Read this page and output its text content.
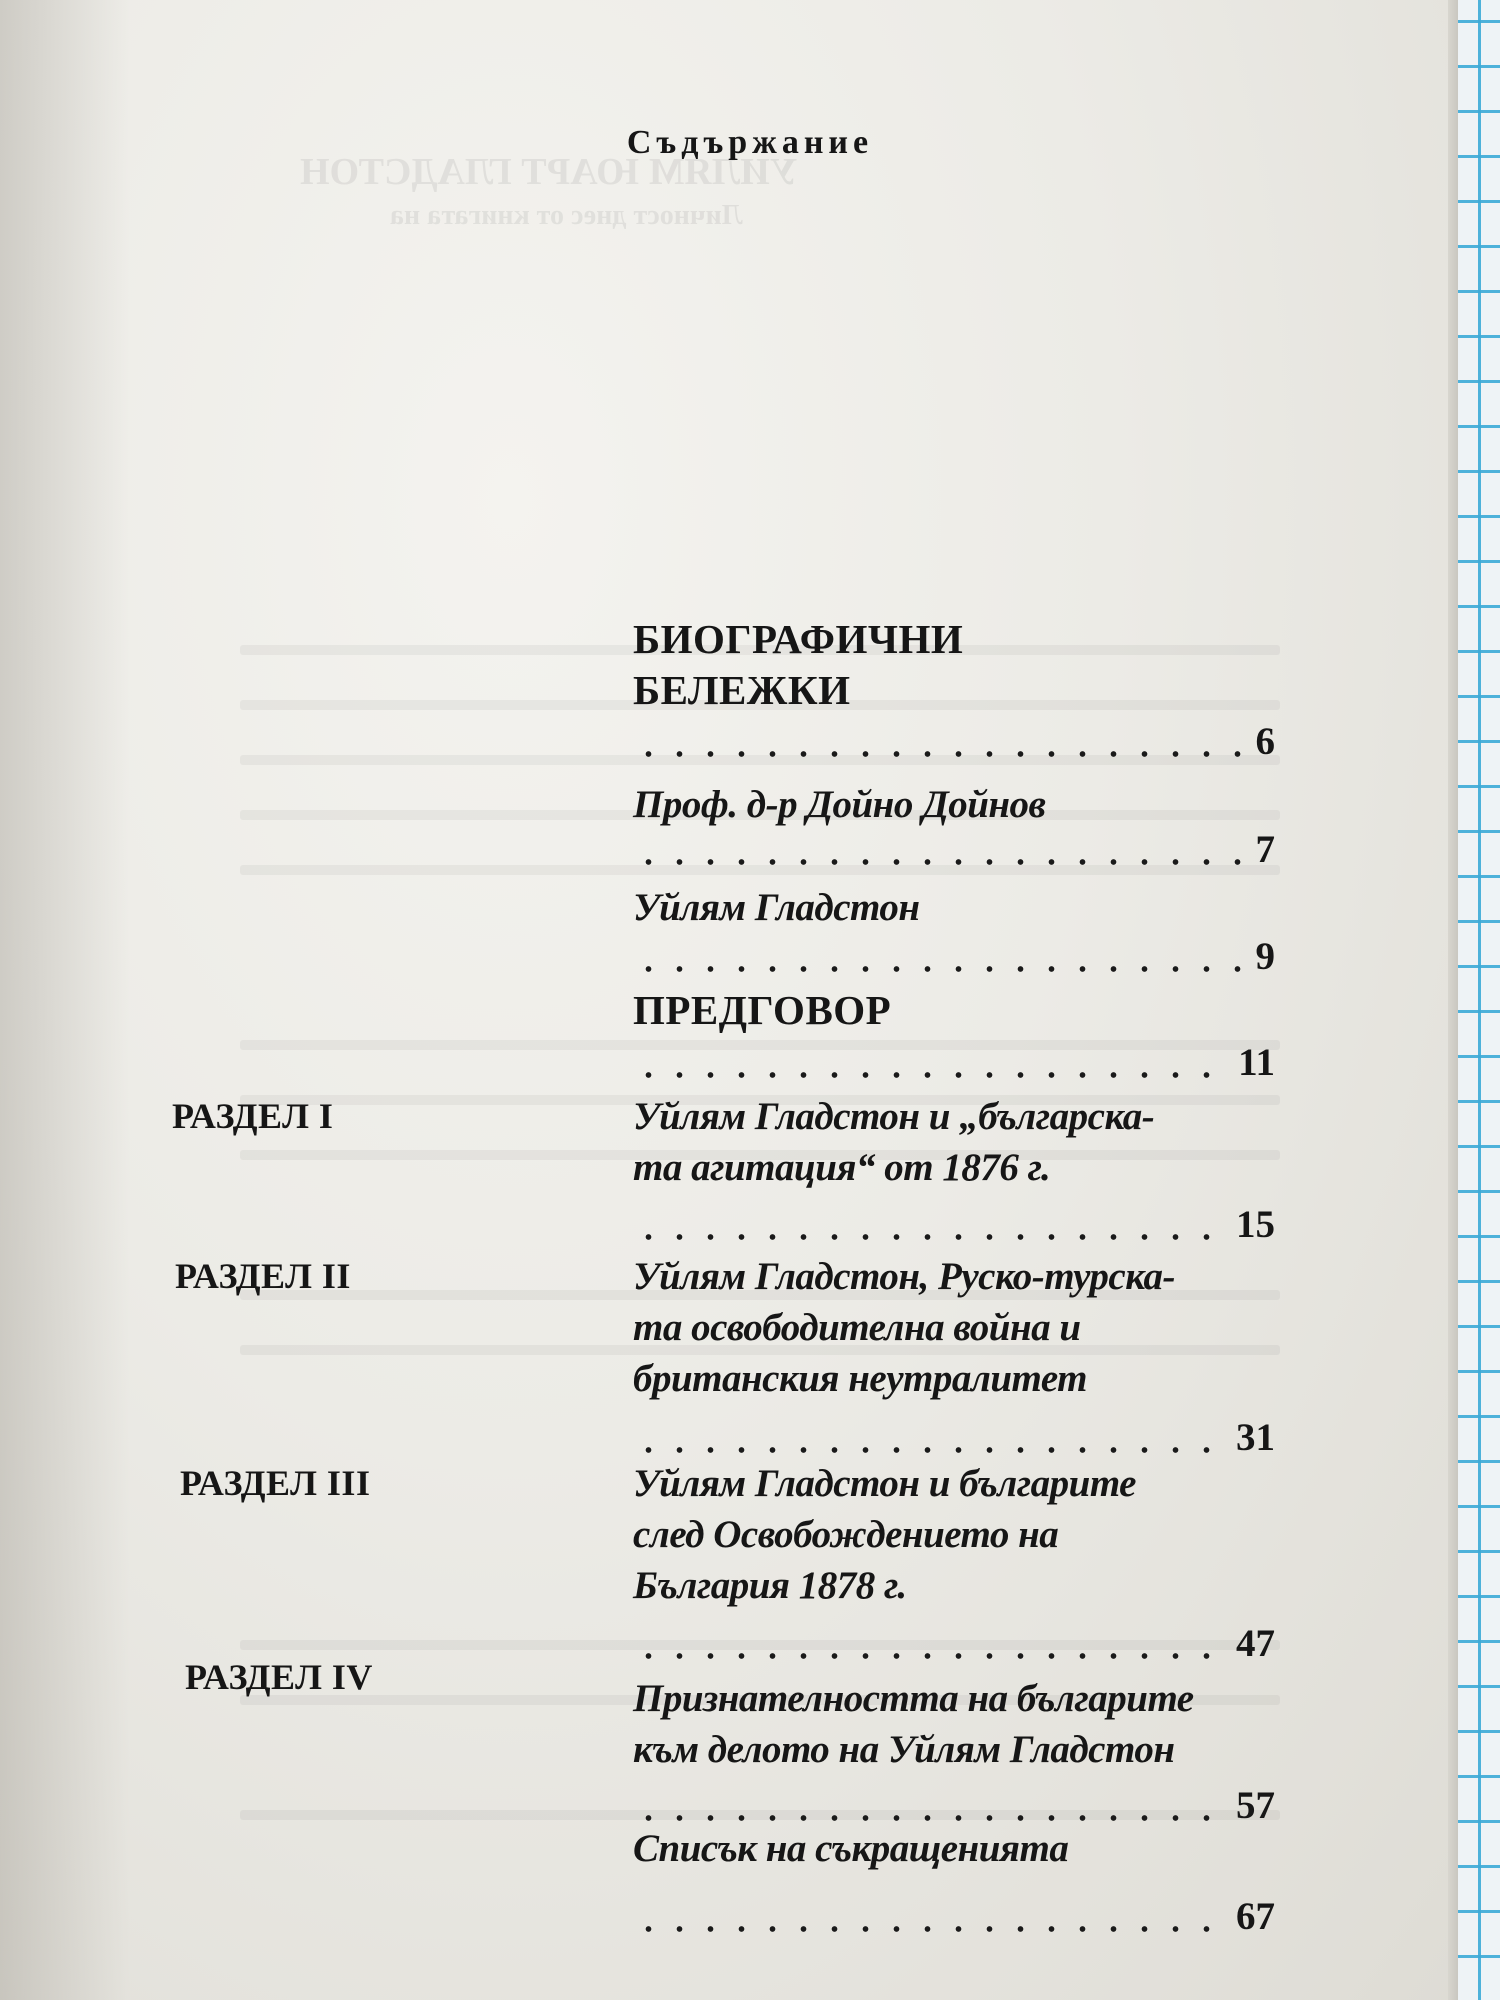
УИЛЯМ ЮАРТ ГЛАДСТОН
Личност днес от книгата на
Съдържание
БИОГРАФИЧНИ
БЕЛЕЖКИ
6
Проф. д-р Дойно Дойнов
7
Уйлям Гладстон
9
ПРЕДГОВОР
11
РАЗДЕЛ I	Уйлям Гладстон и „българска-
та агитация“ от 1876 г.
15
РАЗДЕЛ II	Уйлям Гладстон, Руско-турска-
та освободителна война и
британския неутралитет
31
РАЗДЕЛ III	Уйлям Гладстон и българите
след Освобождението на
България 1878 г.
47
РАЗДЕЛ IV	Признателността на българите
към делото на Уйлям Гладстон
57
Списък на съкращенията
67
